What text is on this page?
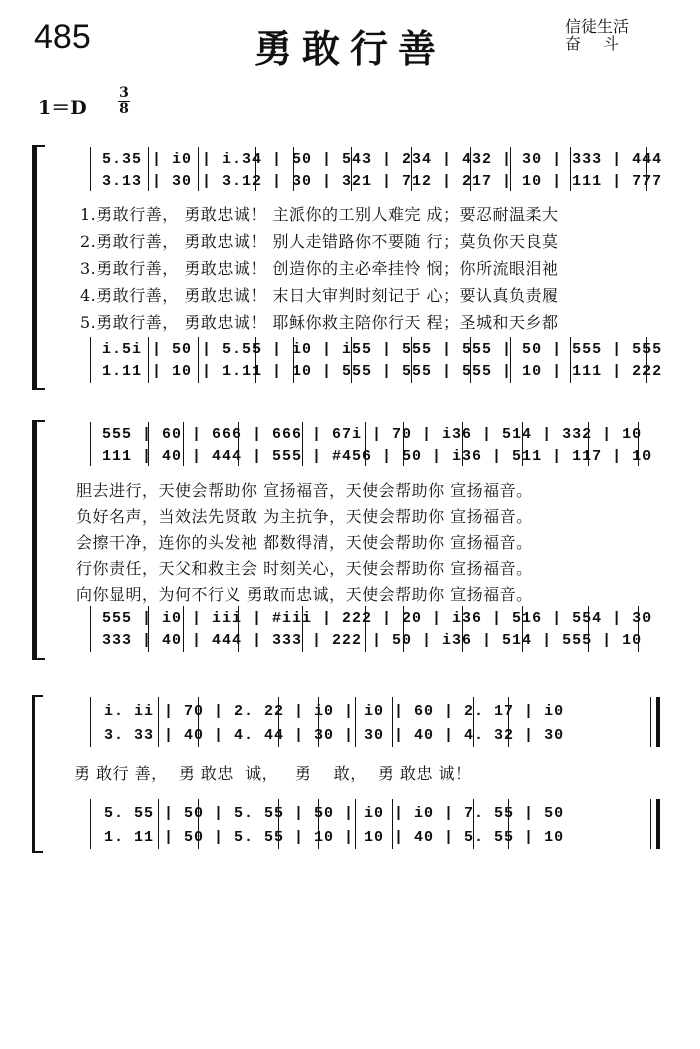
485	勇敢行善	信徒生活
奋斗
1＝D
3
8
5.35 | i0 | i.34 | 50 | 543 | 234 | 432 | 30 | 333 | 444
3.13 | 30 | 3.12 | 30 | 321 | 712 | 217 | 10 | 111 | 777
1.勇敢行善， 勇敢忠诚！ 主派你的工别人难完 成；要忍耐温柔大
2.勇敢行善， 勇敢忠诚！ 别人走错路你不要随 行；莫负你天良莫
3.勇敢行善， 勇敢忠诚！ 创造你的主必牵挂怜 悯；你所流眼泪祂
4.勇敢行善， 勇敢忠诚！ 末日大审判时刻记于 心；要认真负责履
5.勇敢行善， 勇敢忠诚！ 耶稣你救主陪你行天 程；圣城和天乡都
i.5i | 50 | 5.55 | i0 | i55 | 555 | 555 | 50 | 555 | 555
1.11 | 10 | 1.11 | 10 | 555 | 555 | 555 | 10 | 111 | 222
555 | 60 | 666 | 666 | 67i | 70 | i36 | 514 | 332 | 10
111 | 40 | 444 | 555 | #456 | 50 | i36 | 511 | 117 | 10
胆去进行，天使会帮助你 宣扬福音，天使会帮助你 宣扬福音。
负好名声，当效法先贤敢 为主抗争，天使会帮助你 宣扬福音。
会擦干净，连你的头发祂 都数得清，天使会帮助你 宣扬福音。
行你责任，天父和救主会 时刻关心，天使会帮助你 宣扬福音。
向你显明，为何不行义 勇敢而忠诚，天使会帮助你 宣扬福音。
555 | i0 | iii | #iii | 222 | 20 | i36 | 516 | 554 | 30
333 | 40 | 444 | 333 | 222 | 50 | i36 | 514 | 555 | 10
i. ii | 70 | 2. 22 | i0 | i0 | 60 | 2. 17 | i0
3. 33 | 40 | 4. 44 | 30 | 30 | 40 | 4. 32 | 30
勇 敢行 善，  勇 敢忠  诚，   勇    敢，  勇 敢忠 诚！
5. 55 | 50 | 5. 55 | 50 | i0 | i0 | 7. 55 | 50
1. 11 | 50 | 5. 55 | 10 | 10 | 40 | 5. 55 | 10
